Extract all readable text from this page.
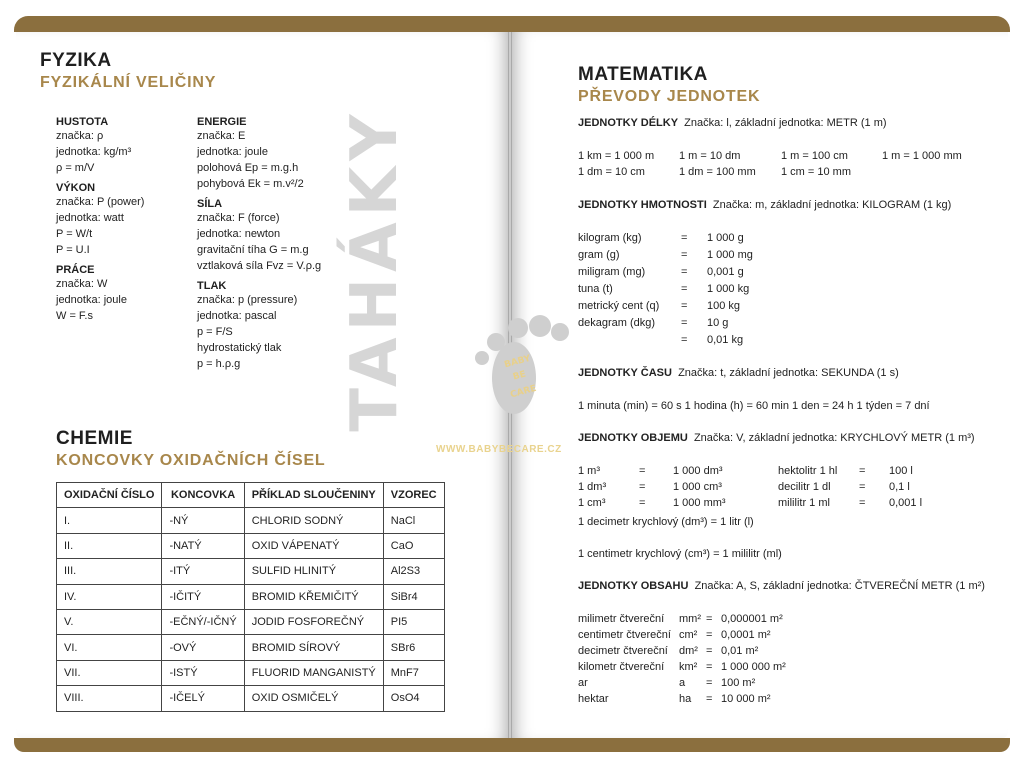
TAHÁKY
FYZIKA
FYZIKÁLNÍ VELIČINY
HUSTOTA
značka: ρ
jednotka: kg/m³
ρ = m/V
VÝKON
značka: P (power)
jednotka: watt
P = W/t
P = U.I
PRÁCE
značka: W
jednotka: joule
W = F.s
ENERGIE
značka: E
jednotka: joule
polohová Ep = m.g.h
pohybová Ek = m.v²/2
SÍLA
značka: F (force)
jednotka: newton
gravitační tíha G = m.g
vztlaková síla Fvz = V.ρ.g
TLAK
značka: p (pressure)
jednotka: pascal
p = F/S
hydrostatický tlak
p = h.ρ.g
CHEMIE
KONCOVKY OXIDAČNÍCH ČÍSEL
OXIDAČNÍ ČÍSLO	KONCOVKA	PŘÍKLAD SLOUČENINY	VZOREC
I.	-NÝ	CHLORID SODNÝ	NaCl
II.	-NATÝ	OXID VÁPENATÝ	CaO
III.	-ITÝ	SULFID HLINITÝ	Al2S3
IV.	-IČITÝ	BROMID KŘEMIČITÝ	SiBr4
V.	-EČNÝ/-IČNÝ	JODID FOSFOREČNÝ	PI5
VI.	-OVÝ	BROMID SÍROVÝ	SBr6
VII.	-ISTÝ	FLUORID MANGANISTÝ	MnF7
VIII.	-IČELÝ	OXID OSMIČELÝ	OsO4
BABY
BE
CARE
WWW.BABYBECARE.CZ
MATEMATIKA
PŘEVODY JEDNOTEK
JEDNOTKY DÉLKY Značka: l, základní jednotka: METR (1 m)
1 km = 1 000 m 1 m = 10 dm	1 m = 100 cm	1 m = 1 000 mm
1 dm = 10 cm	1 dm = 100 mm 1 cm = 10 mm
JEDNOTKY HMOTNOSTI Značka: m, základní jednotka: KILOGRAM (1 kg)
kilogram (kg)	= 1 000 g
gram (g)	= 1 000 mg
miligram (mg)	= 0,001 g
tuna (t)	= 1 000 kg
metrický cent (q) = 100 kg
dekagram (dkg) = 10 g
= 0,01 kg
JEDNOTKY ČASU Značka: t, základní jednotka: SEKUNDA (1 s)
1 minuta (min) = 60 s 1 hodina (h) = 60 min 1 den = 24 h 1 týden = 7 dní
JEDNOTKY OBJEMU Značka: V, základní jednotka: KRYCHLOVÝ METR (1 m³)
1 m³	=	1 000 dm³	hektolitr 1 hl = 100 l
1 dm³	=	1 000 cm³	decilitr 1 dl	= 0,1 l
1 cm³	=	1 000 mm³	mililitr 1 ml	= 0,001 l
1 decimetr krychlový (dm³) = 1 litr (l)
1 centimetr krychlový (cm³) = 1 mililitr (ml)
JEDNOTKY OBSAHU Značka: A, S, základní jednotka: ČTVEREČNÍ METR (1 m²)
milimetr čtvereční mm² = 0,000001 m²
centimetr čtvereční cm² = 0,0001 m²
decimetr čtvereční dm² = 0,01 m²
kilometr čtvereční km² = 1 000 000 m²
ar	a = 100 m²
hektar	ha = 10 000 m²
